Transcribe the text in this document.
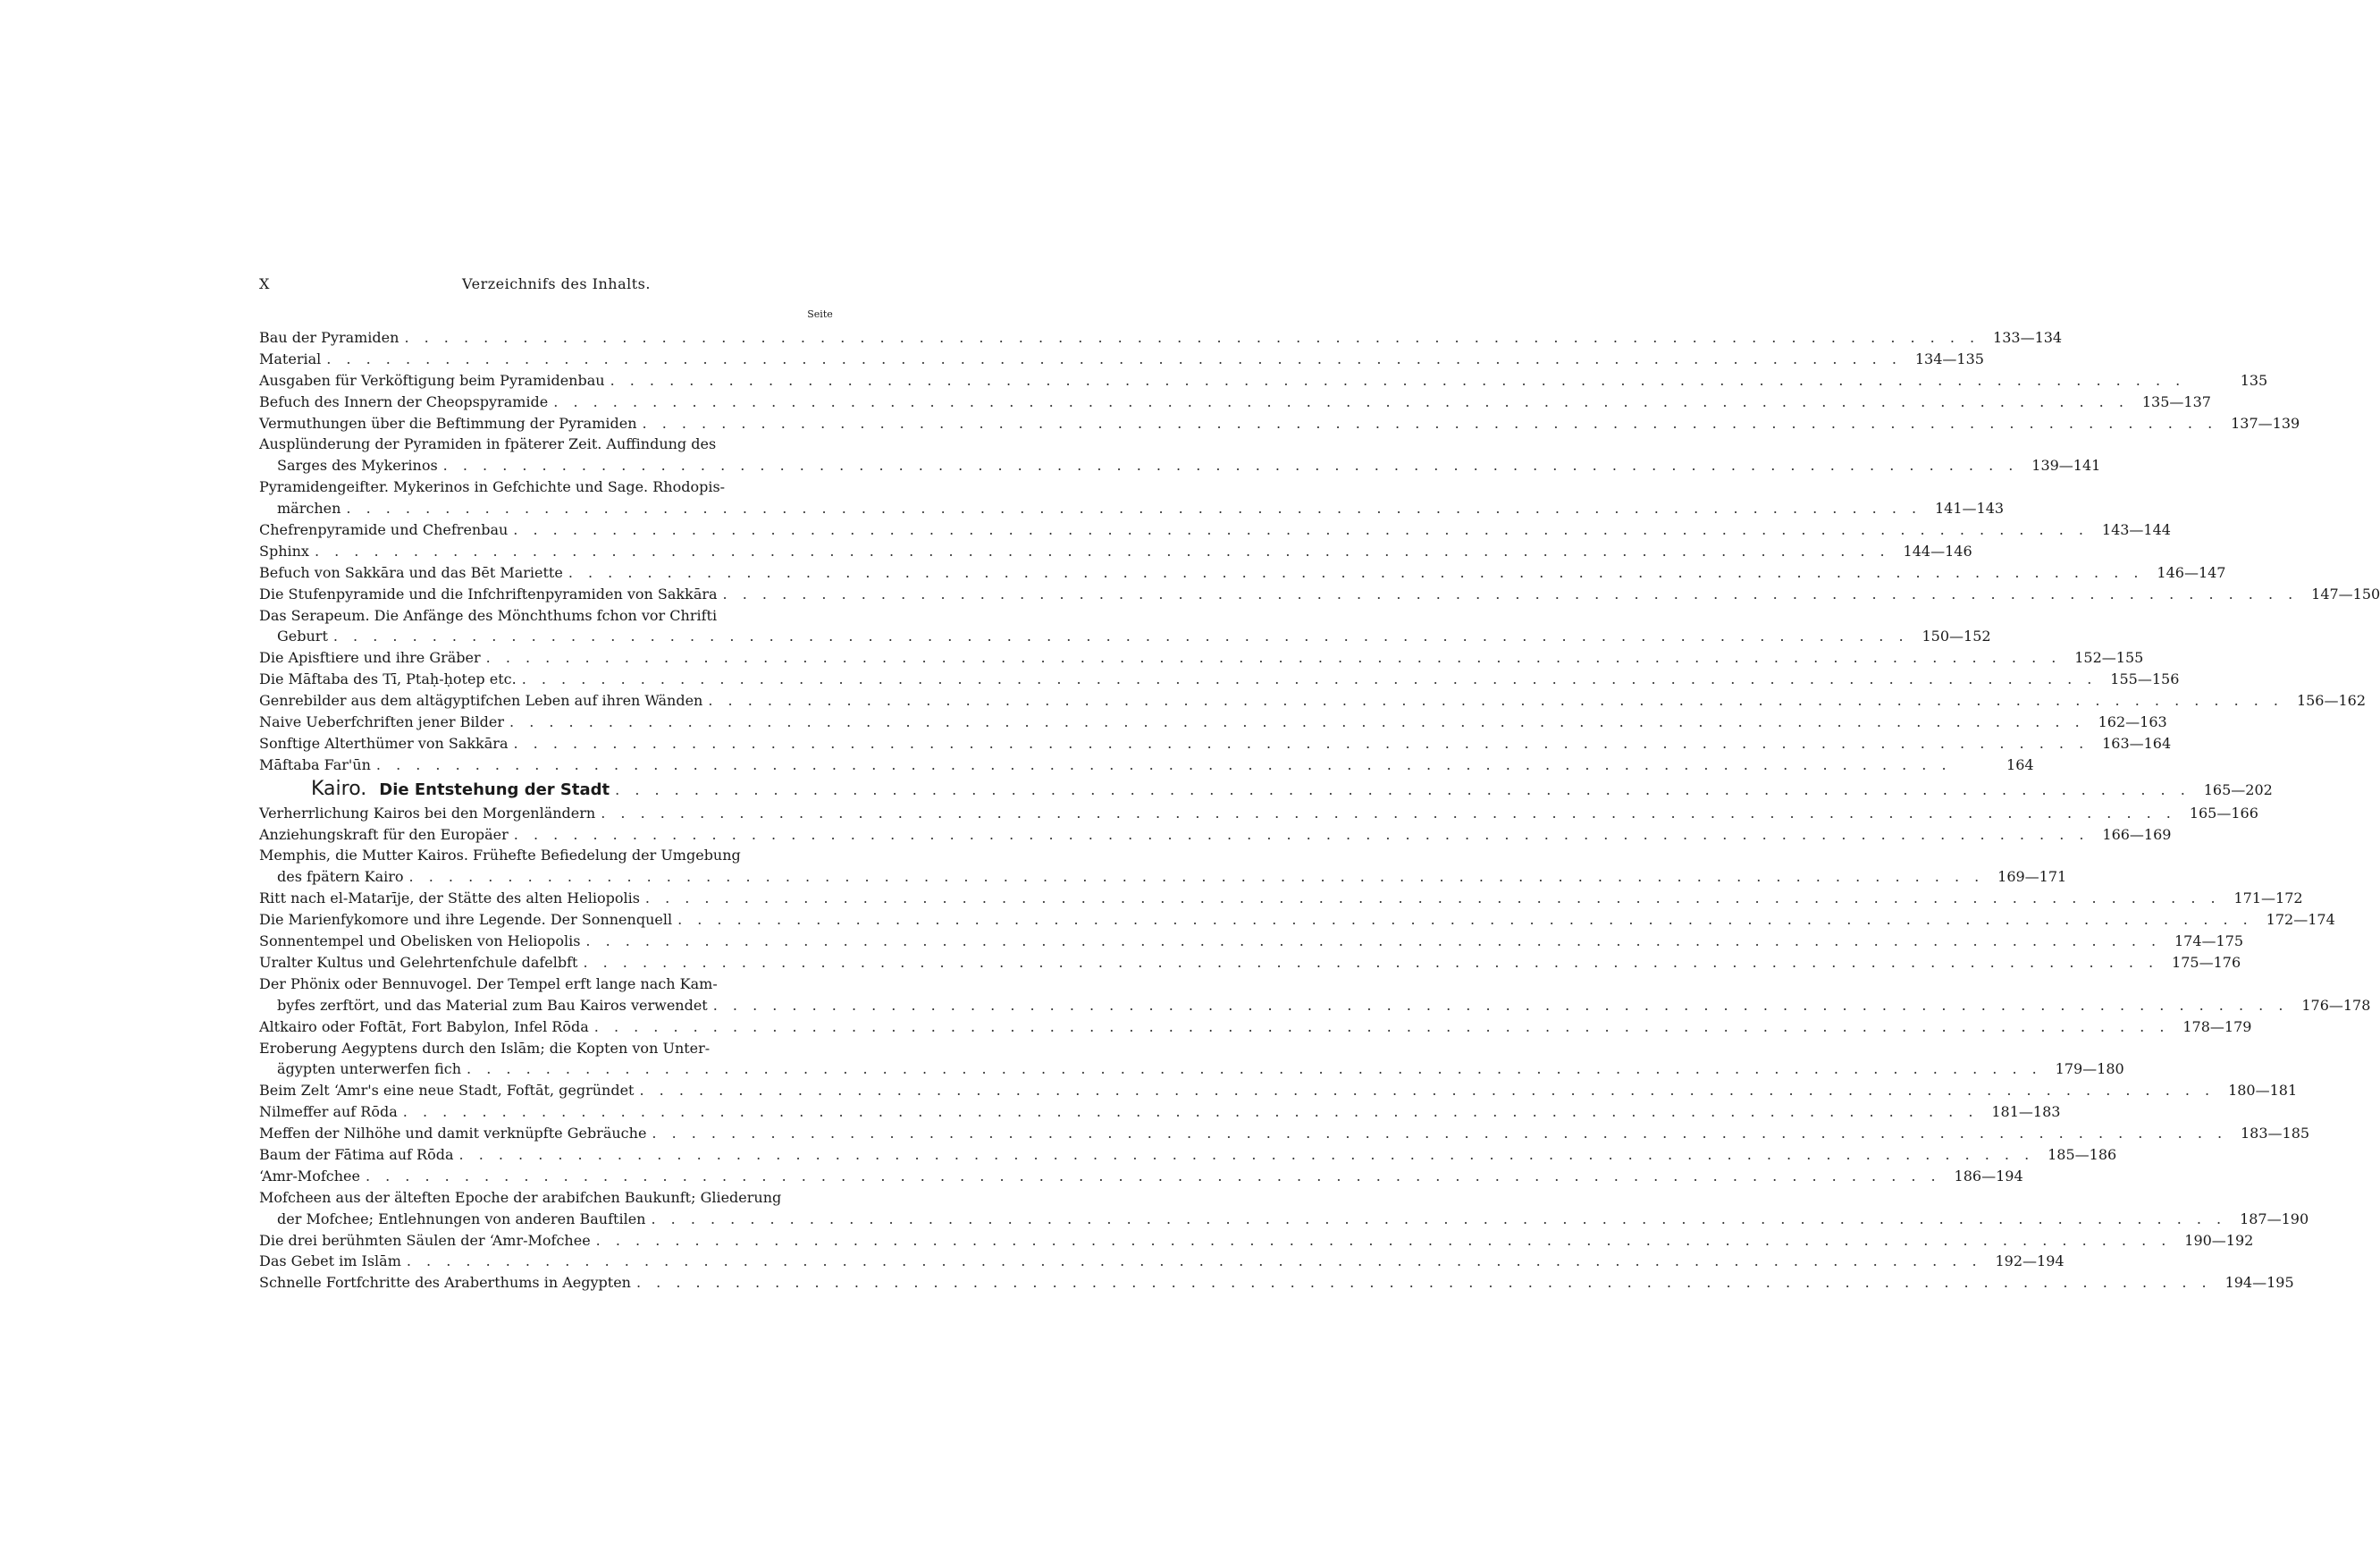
X	Verzeichnifs des Inhalts.
Seite
Bau der Pyramiden . . . . . . . . . . . . . . . . . . . . . . . . . . . . . . . . . . . . . . . . . . . . . . . . . . . . . . . . . . . . . . . . . . . . . . . . . . . . . . . . 133—134
Material . . . . . . . . . . . . . . . . . . . . . . . . . . . . . . . . . . . . . . . . . . . . . . . . . . . . . . . . . . . . . . . . . . . . . . . . . . . . . . . . 134—135
Ausgaben für Verköftigung beim Pyramidenbau . . . . . . . . . . . . . . . . . . . . . . . . . . . . . . . . . . . . . . . . . . . . . . . . . . . . . . . . . . . . . . . . . . . . . . . . . . . . . . . .	135
Befuch des Innern der Cheopspyramide . . . . . . . . . . . . . . . . . . . . . . . . . . . . . . . . . . . . . . . . . . . . . . . . . . . . . . . . . . . . . . . . . . . . . . . . . . . . . . . . 135—137
Vermuthungen über die Beftimmung der Pyramiden . . . . . . . . . . . . . . . . . . . . . . . . . . . . . . . . . . . . . . . . . . . . . . . . . . . . . . . . . . . . . . . . . . . . . . . . . . . . . . . . 137—139
Ausplünderung der Pyramiden in fpäterer Zeit. Auffindung des
Sarges des Mykerinos . . . . . . . . . . . . . . . . . . . . . . . . . . . . . . . . . . . . . . . . . . . . . . . . . . . . . . . . . . . . . . . . . . . . . . . . . . . . . . . . 139—141
Pyramidengeifter. Mykerinos in Gefchichte und Sage. Rhodopis-
märchen . . . . . . . . . . . . . . . . . . . . . . . . . . . . . . . . . . . . . . . . . . . . . . . . . . . . . . . . . . . . . . . . . . . . . . . . . . . . . . . . 141—143
Chefrenpyramide und Chefrenbau . . . . . . . . . . . . . . . . . . . . . . . . . . . . . . . . . . . . . . . . . . . . . . . . . . . . . . . . . . . . . . . . . . . . . . . . . . . . . . . . 143—144
Sphinx . . . . . . . . . . . . . . . . . . . . . . . . . . . . . . . . . . . . . . . . . . . . . . . . . . . . . . . . . . . . . . . . . . . . . . . . . . . . . . . . 144—146
Befuch von Sakkāra und das Bēt Mariette . . . . . . . . . . . . . . . . . . . . . . . . . . . . . . . . . . . . . . . . . . . . . . . . . . . . . . . . . . . . . . . . . . . . . . . . . . . . . . . . 146—147
Die Stufenpyramide und die Infchriftenpyramiden von Sakkāra . . . . . . . . . . . . . . . . . . . . . . . . . . . . . . . . . . . . . . . . . . . . . . . . . . . . . . . . . . . . . . . . . . . . . . . . . . . . . . . . 147—150
Das Serapeum. Die Anfänge des Mönchthums fchon vor Chrifti
Geburt . . . . . . . . . . . . . . . . . . . . . . . . . . . . . . . . . . . . . . . . . . . . . . . . . . . . . . . . . . . . . . . . . . . . . . . . . . . . . . . . 150—152
Die Apisftiere und ihre Gräber . . . . . . . . . . . . . . . . . . . . . . . . . . . . . . . . . . . . . . . . . . . . . . . . . . . . . . . . . . . . . . . . . . . . . . . . . . . . . . . . 152—155
Die Māftaba des Tī, Ptaḥ-ḥotep etc. . . . . . . . . . . . . . . . . . . . . . . . . . . . . . . . . . . . . . . . . . . . . . . . . . . . . . . . . . . . . . . . . . . . . . . . . . . . . . . . . 155—156
Genrebilder aus dem altägyptifchen Leben auf ihren Wänden . . . . . . . . . . . . . . . . . . . . . . . . . . . . . . . . . . . . . . . . . . . . . . . . . . . . . . . . . . . . . . . . . . . . . . . . . . . . . . . . 156—162
Naive Ueberfchriften jener Bilder . . . . . . . . . . . . . . . . . . . . . . . . . . . . . . . . . . . . . . . . . . . . . . . . . . . . . . . . . . . . . . . . . . . . . . . . . . . . . . . . 162—163
Sonftige Alterthümer von Sakkāra . . . . . . . . . . . . . . . . . . . . . . . . . . . . . . . . . . . . . . . . . . . . . . . . . . . . . . . . . . . . . . . . . . . . . . . . . . . . . . . . 163—164
Māftaba Far'ūn . . . . . . . . . . . . . . . . . . . . . . . . . . . . . . . . . . . . . . . . . . . . . . . . . . . . . . . . . . . . . . . . . . . . . . . . . . . . . . . .	164
Kairo. Die Entstehung der Stadt . . . . . . . . . . . . . . . . . . . . . . . . . . . . . . . . . . . . . . . . . . . . . . . . . . . . . . . . . . . . . . . . . . . . . . . . . . . . . . . . 165—202
Verherrlichung Kairos bei den Morgenländern . . . . . . . . . . . . . . . . . . . . . . . . . . . . . . . . . . . . . . . . . . . . . . . . . . . . . . . . . . . . . . . . . . . . . . . . . . . . . . . . 165—166
Anziehungskraft für den Europäer . . . . . . . . . . . . . . . . . . . . . . . . . . . . . . . . . . . . . . . . . . . . . . . . . . . . . . . . . . . . . . . . . . . . . . . . . . . . . . . . 166—169
Memphis, die Mutter Kairos. Frühefte Befiedelung der Umgebung
des fpätern Kairo . . . . . . . . . . . . . . . . . . . . . . . . . . . . . . . . . . . . . . . . . . . . . . . . . . . . . . . . . . . . . . . . . . . . . . . . . . . . . . . . 169—171
Ritt nach el-Matarīje, der Stätte des alten Heliopolis . . . . . . . . . . . . . . . . . . . . . . . . . . . . . . . . . . . . . . . . . . . . . . . . . . . . . . . . . . . . . . . . . . . . . . . . . . . . . . . . 171—172
Die Marienfykomore und ihre Legende. Der Sonnenquell . . . . . . . . . . . . . . . . . . . . . . . . . . . . . . . . . . . . . . . . . . . . . . . . . . . . . . . . . . . . . . . . . . . . . . . . . . . . . . . . 172—174
Sonnentempel und Obelisken von Heliopolis . . . . . . . . . . . . . . . . . . . . . . . . . . . . . . . . . . . . . . . . . . . . . . . . . . . . . . . . . . . . . . . . . . . . . . . . . . . . . . . . 174—175
Uralter Kultus und Gelehrtenfchule dafelbft . . . . . . . . . . . . . . . . . . . . . . . . . . . . . . . . . . . . . . . . . . . . . . . . . . . . . . . . . . . . . . . . . . . . . . . . . . . . . . . . 175—176
Der Phönix oder Bennuvogel. Der Tempel erft lange nach Kam-
byfes zerftört, und das Material zum Bau Kairos verwendet . . . . . . . . . . . . . . . . . . . . . . . . . . . . . . . . . . . . . . . . . . . . . . . . . . . . . . . . . . . . . . . . . . . . . . . . . . . . . . . . 176—178
Altkairo oder Foftāt, Fort Babylon, Infel Rōda . . . . . . . . . . . . . . . . . . . . . . . . . . . . . . . . . . . . . . . . . . . . . . . . . . . . . . . . . . . . . . . . . . . . . . . . . . . . . . . . 178—179
Eroberung Aegyptens durch den Islām; die Kopten von Unter-
ägypten unterwerfen fich . . . . . . . . . . . . . . . . . . . . . . . . . . . . . . . . . . . . . . . . . . . . . . . . . . . . . . . . . . . . . . . . . . . . . . . . . . . . . . . . 179—180
Beim Zelt ‘Amr's eine neue Stadt, Foftāt, gegründet . . . . . . . . . . . . . . . . . . . . . . . . . . . . . . . . . . . . . . . . . . . . . . . . . . . . . . . . . . . . . . . . . . . . . . . . . . . . . . . . 180—181
Nilmeffer auf Rōda . . . . . . . . . . . . . . . . . . . . . . . . . . . . . . . . . . . . . . . . . . . . . . . . . . . . . . . . . . . . . . . . . . . . . . . . . . . . . . . . 181—183
Meffen der Nilhöhe und damit verknüpfte Gebräuche . . . . . . . . . . . . . . . . . . . . . . . . . . . . . . . . . . . . . . . . . . . . . . . . . . . . . . . . . . . . . . . . . . . . . . . . . . . . . . . . 183—185
Baum der Fātima auf Rōda . . . . . . . . . . . . . . . . . . . . . . . . . . . . . . . . . . . . . . . . . . . . . . . . . . . . . . . . . . . . . . . . . . . . . . . . . . . . . . . . 185—186
‘Amr-Mofchee . . . . . . . . . . . . . . . . . . . . . . . . . . . . . . . . . . . . . . . . . . . . . . . . . . . . . . . . . . . . . . . . . . . . . . . . . . . . . . . . 186—194
Mofcheen aus der älteften Epoche der arabifchen Baukunft; Gliederung
der Mofchee; Entlehnungen von anderen Bauftilen . . . . . . . . . . . . . . . . . . . . . . . . . . . . . . . . . . . . . . . . . . . . . . . . . . . . . . . . . . . . . . . . . . . . . . . . . . . . . . . . 187—190
Die drei berühmten Säulen der ‘Amr-Mofchee . . . . . . . . . . . . . . . . . . . . . . . . . . . . . . . . . . . . . . . . . . . . . . . . . . . . . . . . . . . . . . . . . . . . . . . . . . . . . . . . 190—192
Das Gebet im Islām . . . . . . . . . . . . . . . . . . . . . . . . . . . . . . . . . . . . . . . . . . . . . . . . . . . . . . . . . . . . . . . . . . . . . . . . . . . . . . . . 192—194
Schnelle Fortfchritte des Araberthums in Aegypten . . . . . . . . . . . . . . . . . . . . . . . . . . . . . . . . . . . . . . . . . . . . . . . . . . . . . . . . . . . . . . . . . . . . . . . . . . . . . . . . 194—195
